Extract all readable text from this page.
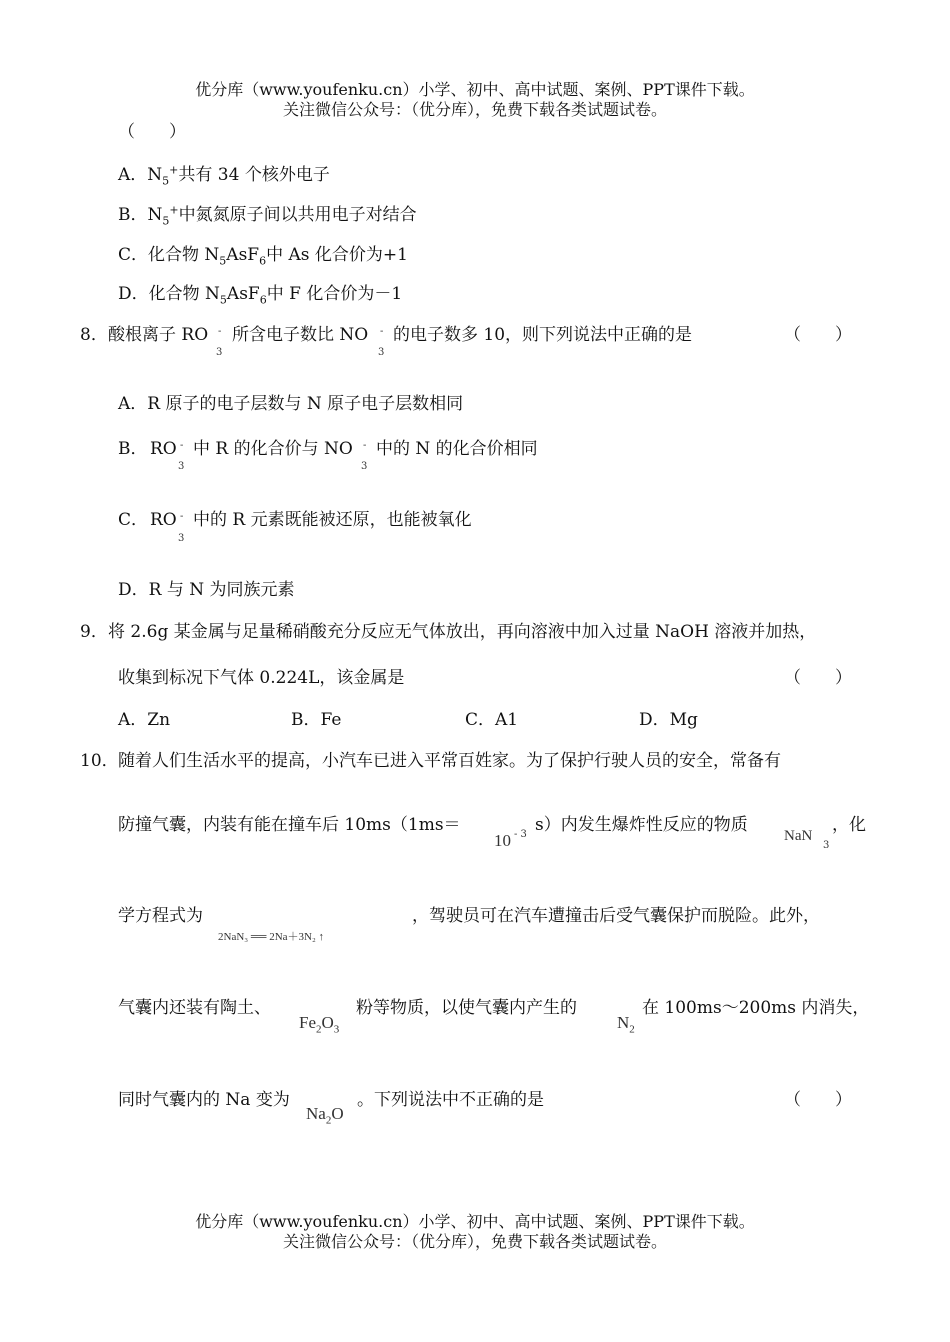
优分库（www.youfenku.cn）小学、初中、高中试题、案例、PPT课件下载。
关注微信公众号：（优分库），免费下载各类试题试卷。
（　　）
A．$N_5^+$共有 34 个核外电子
B．$N_5^+$中氮氮原子间以共用电子对结合
C．化合物 $N_5AsF_6$中 As 化合价为+1
D．化合物 $N_5AsF_6$中 F 化合价为－1
8． 酸根离子 RO -
3
所含电子数比 NO -
3
的电子数多 10，则下列说法中正确的是	（　　）
A．R 原子的电子层数与 N 原子电子层数相同
B． RO -
3
中 R 的化合价与 NO -
3
中的 N 的化合价相同
C． RO -
3
中的 R 元素既能被还原，也能被氧化
D．R 与 N 为同族元素
9． 将 2.6g 某金属与足量稀硝酸充分反应无气体放出，再向溶液中加入过量 NaOH 溶液并加热，
收集到标况下气体 0.224L，该金属是	（　　）
A．Zn	B．Fe	C．A1	D．Mg
10． 随着人们生活水平的提高，小汽车已进入平常百姓家。为了保护行驶人员的安全，常备有
防撞气囊，内装有能在撞车后 10ms（1ms＝
10 - 3 s）内发生爆炸性反应的物质
NaN
3
，化
学方程式为
2NaN₃ ══ 2Na＋3N₂ ↑
，驾驶员可在汽车遭撞击后受气囊保护而脱险。此外，
气囊内还装有陶土、
$Fe_2O_3$
粉等物质，以使气囊内产生的
$N_2$
在 100ms～200ms 内消失，
同时气囊内的 Na 变为
$Na_2O$
。下列说法中不正确的是	（　　）
优分库（www.youfenku.cn）小学、初中、高中试题、案例、PPT课件下载。
关注微信公众号：（优分库），免费下载各类试题试卷。
